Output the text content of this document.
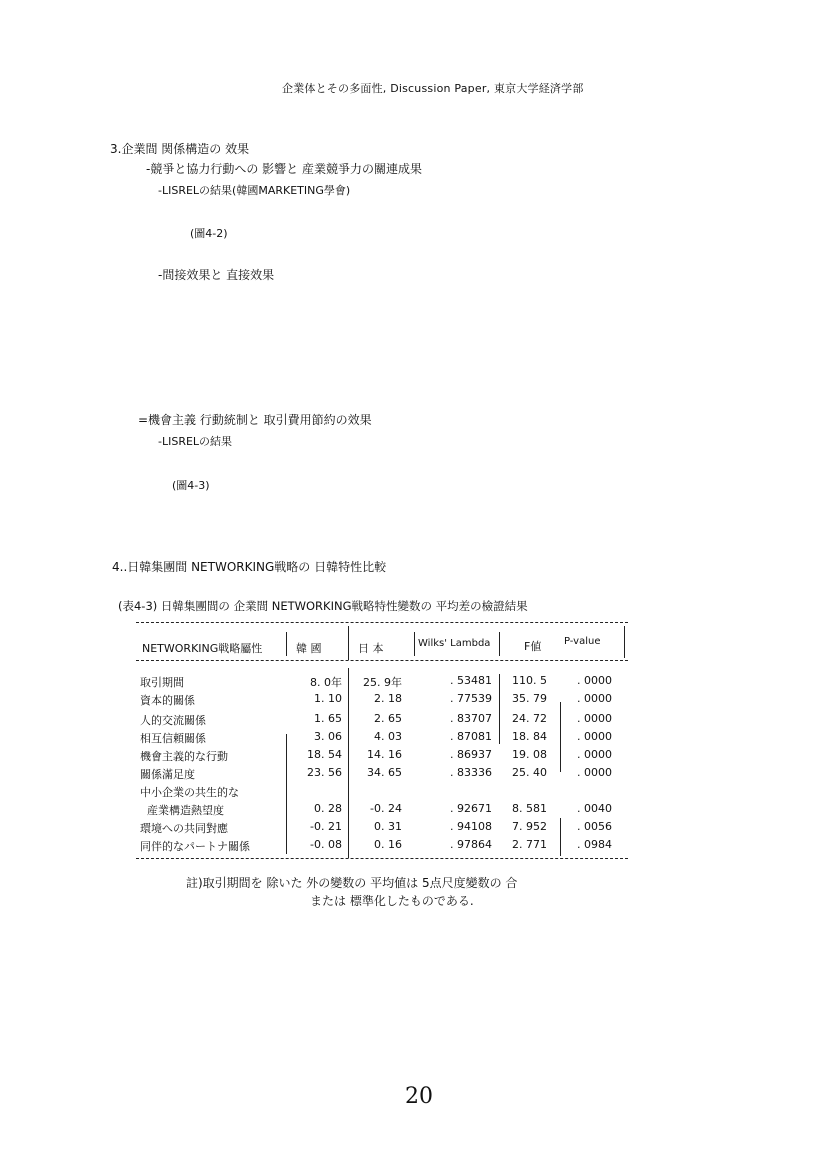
企業体とその多面性, Discussion Paper, 東京大学経済学部
3.企業間 関係構造の 效果
-競爭と協力行動への 影響と 産業競爭力の關連成果
-LISRELの結果(韓國MARKETING學會)
(圖4-2)
-間接效果と 直接效果
=機會主義 行動統制と 取引費用節約の效果
-LISRELの結果
(圖4-3)
4..日韓集團間 NETWORKING戦略の 日韓特性比較
(表4-3) 日韓集團間の 企業間 NETWORKING戦略特性變数の 平均差の檢證結果
NETWORKING戦略屬性	韓 國	日 本	Wilks' Lambda	F値 P-value
取引期間	8. 0年	25. 9年	. 53481	110. 5	. 0000
資本的關係	1. 10	2. 18	. 77539	35. 79	. 0000
人的交流關係	1. 65	2. 65	. 83707	24. 72	. 0000
相互信頼關係	3. 06	4. 03	. 87081	18. 84	. 0000
機會主義的な行動	18. 54	14. 16	. 86937	19. 08	. 0000
關係滿足度	23. 56	34. 65	. 83336	25. 40	. 0000
中小企業の共生的な
産業構造熱望度	0. 28	-0. 24	. 92671	8. 581	. 0040
環境への共同對應	-0. 21	0. 31	. 94108	7. 952	. 0056
同伴的なパートナ關係	-0. 08	0. 16	. 97864	2. 771	. 0984
註)取引期間を 除いた 外の變数の 平均値は 5点尺度變数の 合
または 標準化したものである.
20
